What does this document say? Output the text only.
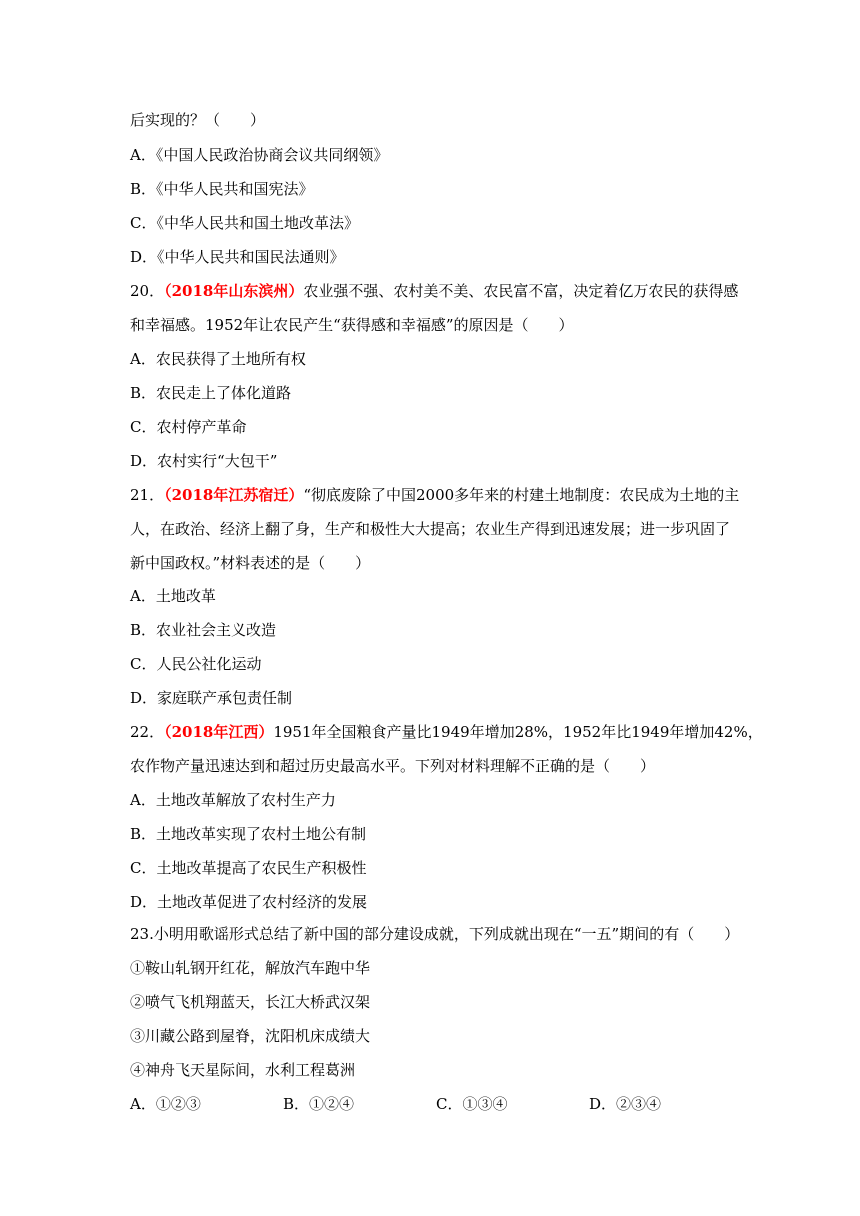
后实现的？（　　）
A．《中国人民政治协商会议共同纲领》
B．《中华人民共和国宪法》
C．《中华人民共和国土地改革法》
D．《中华人民共和国民法通则》
20．（2018年山东滨州）农业强不强、农村美不美、农民富不富，决定着亿万农民的获得感
和幸福感。1952年让农民产生“获得感和幸福感”的原因是（　　）
A．农民获得了土地所有权
B．农民走上了体化道路
C．农村停产革命
D．农村实行“大包干”
21．（2018年江苏宿迁）“彻底废除了中国2000多年来的村建土地制度：农民成为土地的主
人，在政治、经济上翻了身，生产和极性大大提高；农业生产得到迅速发展；进一步巩固了
新中国政权。”材料表述的是（　　）
A．土地改革
B．农业社会主义改造
C．人民公社化运动
D．家庭联产承包责任制
22．（2018年江西）1951年全国粮食产量比1949年增加28%，1952年比1949年增加42%，
农作物产量迅速达到和超过历史最高水平。下列对材料理解不正确的是（　　）
A．土地改革解放了农村生产力
B．土地改革实现了农村土地公有制
C．土地改革提高了农民生产积极性
D．土地改革促进了农村经济的发展
23.小明用歌谣形式总结了新中国的部分建设成就，下列成就出现在“一五”期间的有（　　）
①鞍山轧钢开红花，解放汽车跑中华
②喷气飞机翔蓝天，长江大桥武汉架
③川藏公路到屋脊，沈阳机床成绩大
④神舟飞天星际间，水利工程葛洲
A．①②③	B．①②④	C．①③④	D．②③④
